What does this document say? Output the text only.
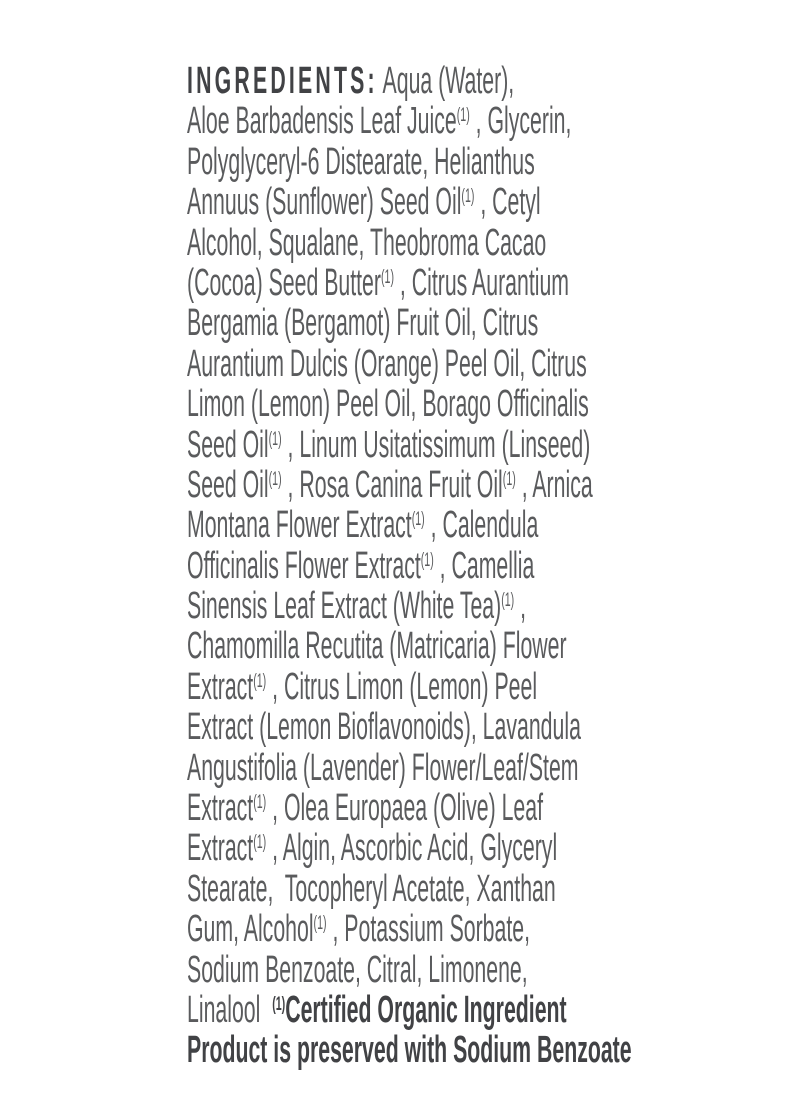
INGREDIENTS: Aqua (Water),
Aloe Barbadensis Leaf Juice$^{(1)}$ , Glycerin,
Polyglyceryl-6 Distearate, Helianthus
Annuus (Sunflower) Seed Oil$^{(1)}$ , Cetyl
Alcohol, Squalane, Theobroma Cacao
(Cocoa) Seed Butter$^{(1)}$ , Citrus Aurantium
Bergamia (Bergamot) Fruit Oil, Citrus
Aurantium Dulcis (Orange) Peel Oil, Citrus
Limon (Lemon) Peel Oil, Borago Officinalis
Seed Oil$^{(1)}$ , Linum Usitatissimum (Linseed)
Seed Oil$^{(1)}$ , Rosa Canina Fruit Oil$^{(1)}$ , Arnica
Montana Flower Extract$^{(1)}$ , Calendula
Officinalis Flower Extract$^{(1)}$ , Camellia
Sinensis Leaf Extract (White Tea)$^{(1)}$ ,
Chamomilla Recutita (Matricaria) Flower
Extract$^{(1)}$ , Citrus Limon (Lemon) Peel
Extract (Lemon Bioflavonoids), Lavandula
Angustifolia (Lavender) Flower/Leaf/Stem
Extract$^{(1)}$ , Olea Europaea (Olive) Leaf
Extract$^{(1)}$ , Algin, Ascorbic Acid, Glyceryl
Stearate,  Tocopheryl Acetate, Xanthan
Gum, Alcohol$^{(1)}$ , Potassium Sorbate,
Sodium Benzoate, Citral, Limonene,
Linalool  $^{(1)}$Certified Organic Ingredient
Product is preserved with Sodium Benzoate
